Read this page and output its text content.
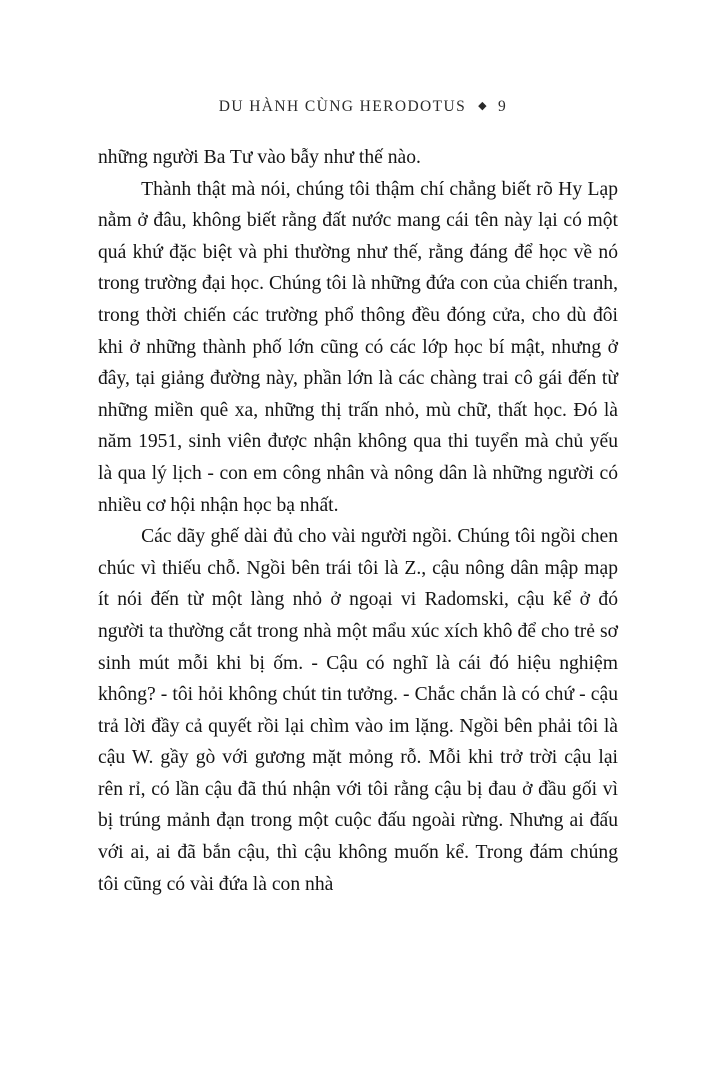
DU HÀNH CÙNG HERODOTUS ◆ 9

những người Ba Tư vào bẫy như thế nào.

Thành thật mà nói, chúng tôi thậm chí chẳng biết rõ Hy Lạp nằm ở đâu, không biết rằng đất nước mang cái tên này lại có một quá khứ đặc biệt và phi thường như thế, rằng đáng để học về nó trong trường đại học. Chúng tôi là những đứa con của chiến tranh, trong thời chiến các trường phổ thông đều đóng cửa, cho dù đôi khi ở những thành phố lớn cũng có các lớp học bí mật, nhưng ở đây, tại giảng đường này, phần lớn là các chàng trai cô gái đến từ những miền quê xa, những thị trấn nhỏ, mù chữ, thất học. Đó là năm 1951, sinh viên được nhận không qua thi tuyển mà chủ yếu là qua lý lịch - con em công nhân và nông dân là những người có nhiều cơ hội nhận học bạ nhất.

Các dãy ghế dài đủ cho vài người ngồi. Chúng tôi ngồi chen chúc vì thiếu chỗ. Ngồi bên trái tôi là Z., cậu nông dân mập mạp ít nói đến từ một làng nhỏ ở ngoại vi Radomski, cậu kể ở đó người ta thường cắt trong nhà một mẩu xúc xích khô để cho trẻ sơ sinh mút mỗi khi bị ốm. - Cậu có nghĩ là cái đó hiệu nghiệm không? - tôi hỏi không chút tin tưởng. - Chắc chắn là có chứ - cậu trả lời đầy cả quyết rồi lại chìm vào im lặng. Ngồi bên phải tôi là cậu W. gầy gò với gương mặt mỏng rỗ. Mỗi khi trở trời cậu lại rên rỉ, có lần cậu đã thú nhận với tôi rằng cậu bị đau ở đầu gối vì bị trúng mảnh đạn trong một cuộc đấu ngoài rừng. Nhưng ai đấu với ai, ai đã bắn cậu, thì cậu không muốn kể. Trong đám chúng tôi cũng có vài đứa là con nhà
